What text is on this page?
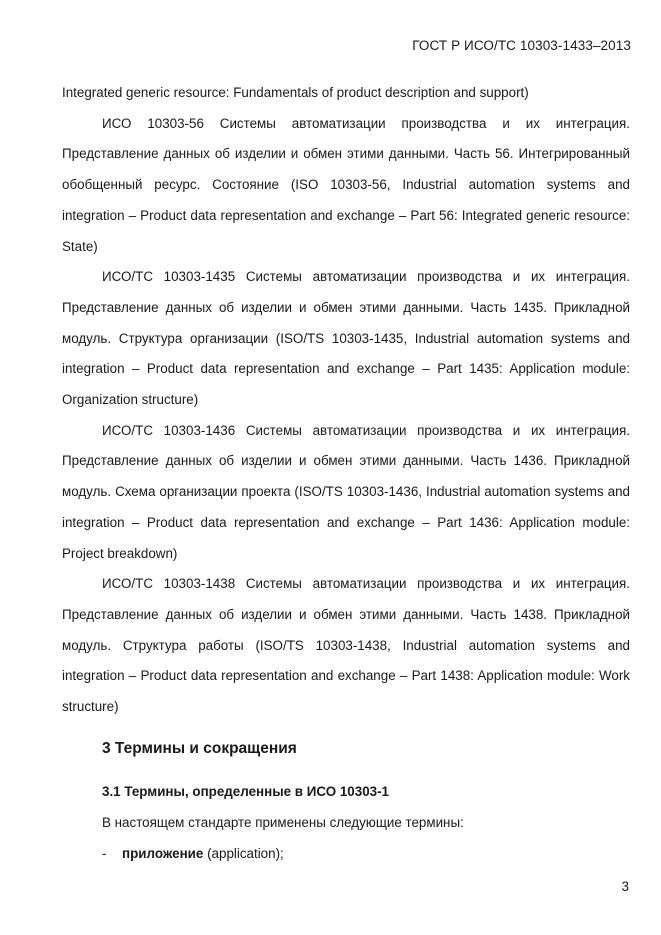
ГОСТ Р ИСО/ТС 10303-1433–2013

Integrated generic resource: Fundamentals of product description and support)

ИСО 10303-56 Системы автоматизации производства и их интеграция. Представление данных об изделии и обмен этими данными. Часть 56. Интегрированный обобщенный ресурс. Состояние (ISO 10303-56, Industrial automation systems and integration – Product data representation and exchange – Part 56: Integrated generic resource: State)

ИСО/ТС 10303-1435 Системы автоматизации производства и их интеграция. Представление данных об изделии и обмен этими данными. Часть 1435. Прикладной модуль. Структура организации (ISO/TS 10303-1435, Industrial automation systems and integration – Product data representation and exchange – Part 1435: Application module: Organization structure)

ИСО/ТС 10303-1436 Системы автоматизации производства и их интеграция. Представление данных об изделии и обмен этими данными. Часть 1436. Прикладной модуль. Схема организации проекта (ISO/TS 10303-1436, Industrial automation systems and integration – Product data representation and exchange – Part 1436: Application module: Project breakdown)

ИСО/ТС 10303-1438 Системы автоматизации производства и их интеграция. Представление данных об изделии и обмен этими данными. Часть 1438. Прикладной модуль. Структура работы (ISO/TS 10303-1438, Industrial automation systems and integration – Product data representation and exchange – Part 1438: Application module: Work structure)

3 Термины и сокращения
3.1 Термины, определенные в ИСО 10303-1
В настоящем стандарте применены следующие термины:
- приложение (application);
3
